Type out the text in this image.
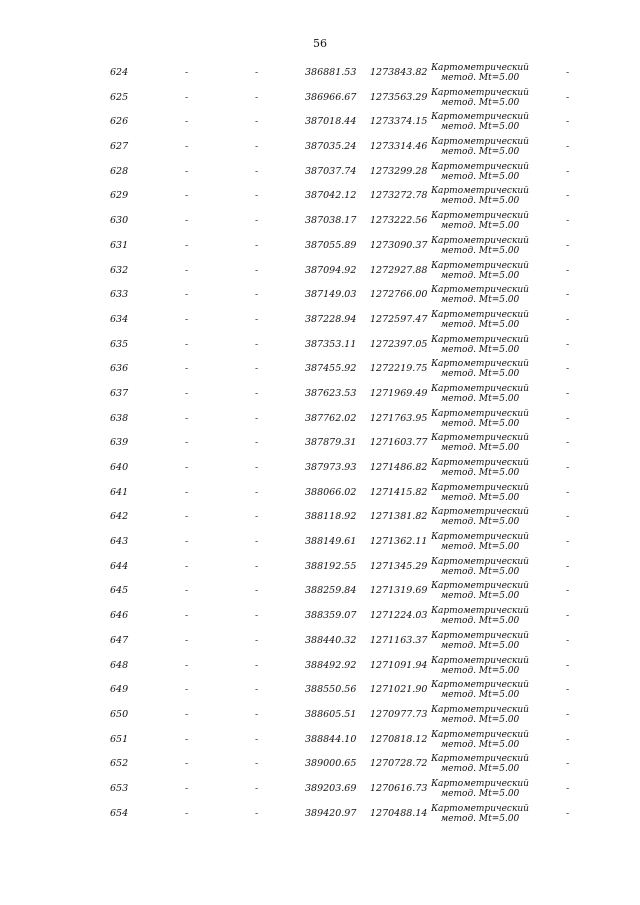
56
624	-	-	386881.53 1273843.82 Картометрический
метод. Mt=5.00	-
625	-	-	386966.67 1273563.29 Картометрический
метод. Mt=5.00	-
626	-	-	387018.44 1273374.15 Картометрический
метод. Mt=5.00	-
627	-	-	387035.24 1273314.46 Картометрический
метод. Mt=5.00	-
628	-	-	387037.74 1273299.28 Картометрический
метод. Mt=5.00	-
629	-	-	387042.12 1273272.78 Картометрический
метод. Mt=5.00	-
630	-	-	387038.17 1273222.56 Картометрический
метод. Mt=5.00	-
631	-	-	387055.89 1273090.37 Картометрический
метод. Mt=5.00	-
632	-	-	387094.92 1272927.88 Картометрический
метод. Mt=5.00	-
633	-	-	387149.03 1272766.00 Картометрический
метод. Mt=5.00	-
634	-	-	387228.94 1272597.47 Картометрический
метод. Mt=5.00	-
635	-	-	387353.11 1272397.05 Картометрический
метод. Mt=5.00	-
636	-	-	387455.92 1272219.75 Картометрический
метод. Mt=5.00	-
637	-	-	387623.53 1271969.49 Картометрический
метод. Mt=5.00	-
638	-	-	387762.02 1271763.95 Картометрический
метод. Mt=5.00	-
639	-	-	387879.31 1271603.77 Картометрический
метод. Mt=5.00	-
640	-	-	387973.93 1271486.82 Картометрический
метод. Mt=5.00	-
641	-	-	388066.02 1271415.82 Картометрический
метод. Mt=5.00	-
642	-	-	388118.92 1271381.82 Картометрический
метод. Mt=5.00	-
643	-	-	388149.61 1271362.11 Картометрический
метод. Mt=5.00	-
644	-	-	388192.55 1271345.29 Картометрический
метод. Mt=5.00	-
645	-	-	388259.84 1271319.69 Картометрический
метод. Mt=5.00	-
646	-	-	388359.07 1271224.03 Картометрический
метод. Mt=5.00	-
647	-	-	388440.32 1271163.37 Картометрический
метод. Mt=5.00	-
648	-	-	388492.92 1271091.94 Картометрический
метод. Mt=5.00	-
649	-	-	388550.56 1271021.90 Картометрический
метод. Mt=5.00	-
650	-	-	388605.51 1270977.73 Картометрический
метод. Mt=5.00	-
651	-	-	388844.10 1270818.12 Картометрический
метод. Mt=5.00	-
652	-	-	389000.65 1270728.72 Картометрический
метод. Mt=5.00	-
653	-	-	389203.69 1270616.73 Картометрический
метод. Mt=5.00	-
654	-	-	389420.97 1270488.14 Картометрический
метод. Mt=5.00	-
